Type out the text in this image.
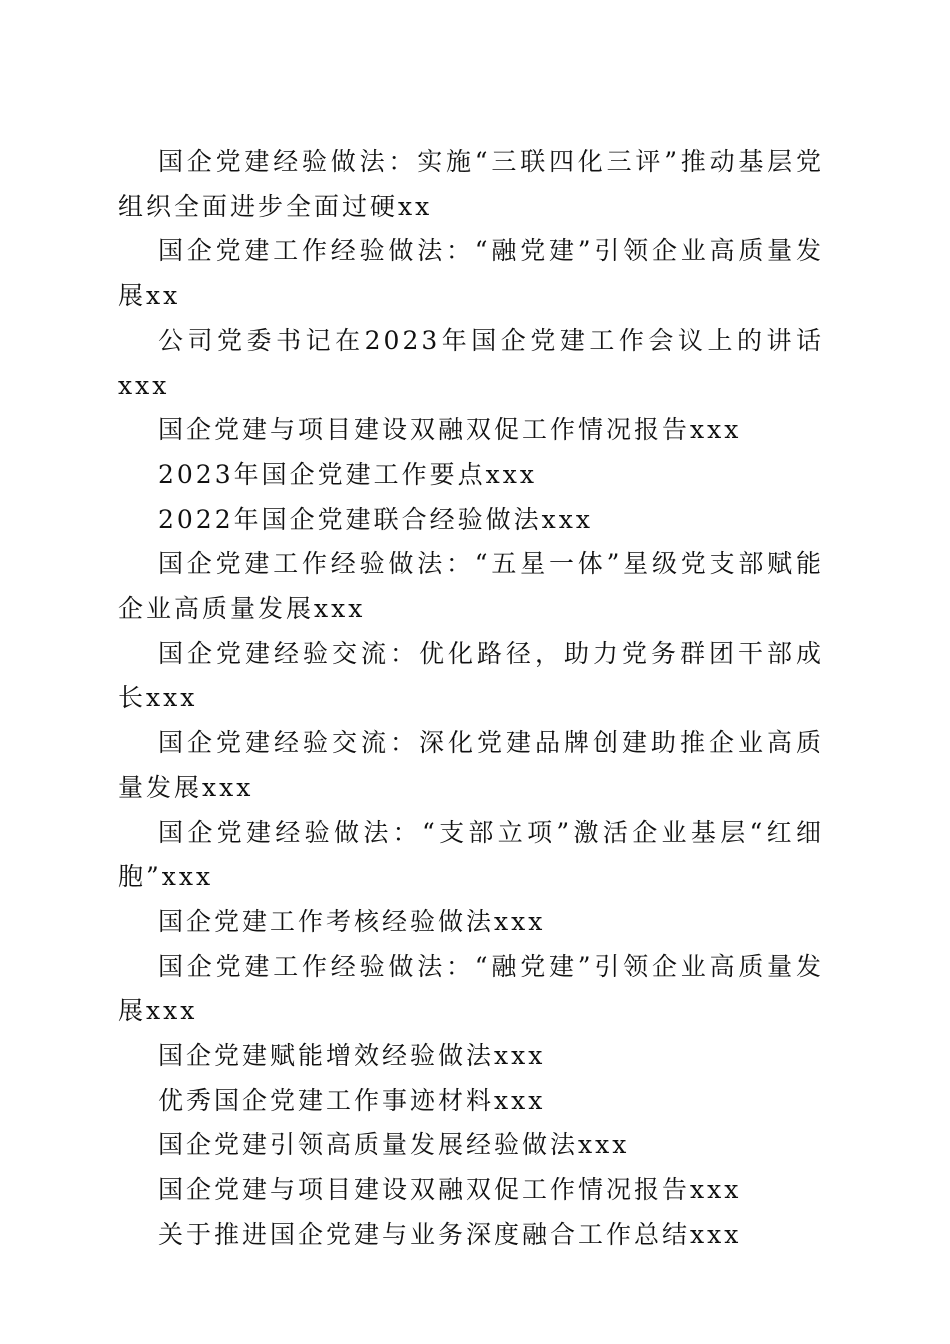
国企党建经验做法：实施“三联四化三评”推动基层党组织全面进步全面过硬xx

国企党建工作经验做法：“融党建”引领企业高质量发展xx

公司党委书记在2023年国企党建工作会议上的讲话xxx

国企党建与项目建设双融双促工作情况报告xxx

2023年国企党建工作要点xxx

2022年国企党建联合经验做法xxx

国企党建工作经验做法：“五星一体”星级党支部赋能企业高质量发展xxx

国企党建经验交流：优化路径，助力党务群团干部成长xxx

国企党建经验交流：深化党建品牌创建助推企业高质量发展xxx

国企党建经验做法：“支部立项”激活企业基层“红细胞”xxx

国企党建工作考核经验做法xxx

国企党建工作经验做法：“融党建”引领企业高质量发展xxx

国企党建赋能增效经验做法xxx

优秀国企党建工作事迹材料xxx

国企党建引领高质量发展经验做法xxx

国企党建与项目建设双融双促工作情况报告xxx

关于推进国企党建与业务深度融合工作总结xxx
